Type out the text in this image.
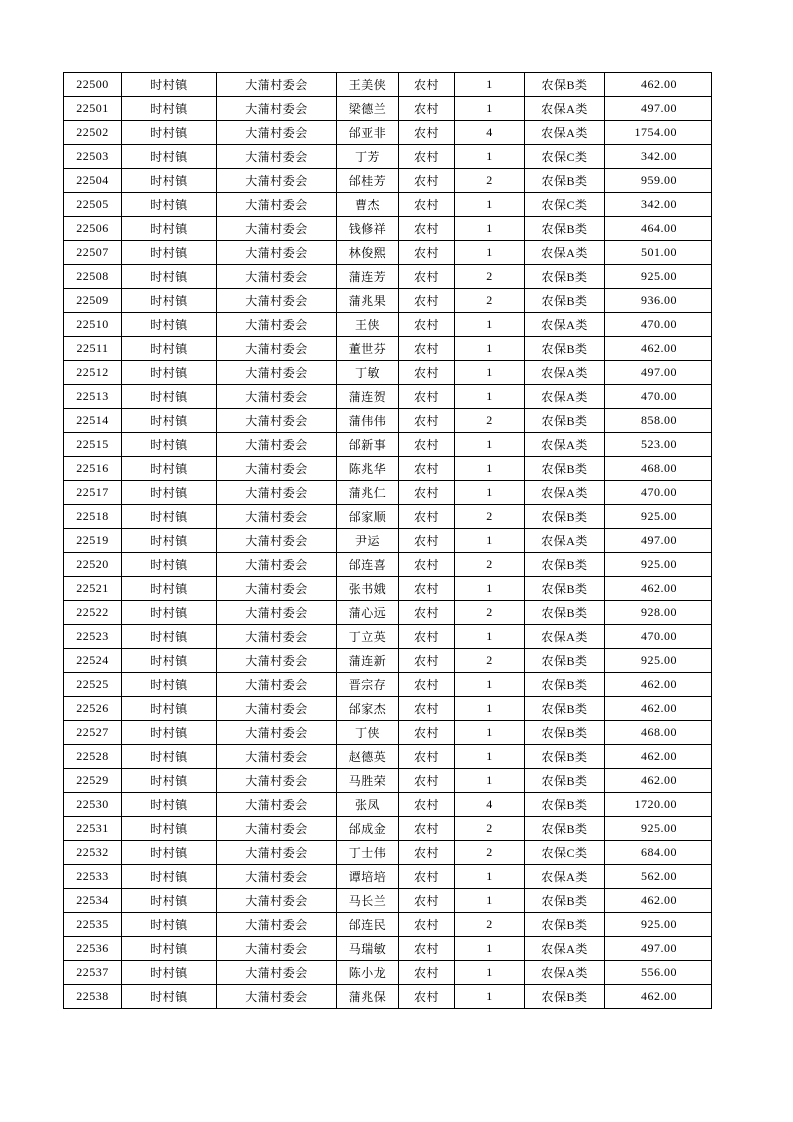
22500	时村镇	大蒲村委会	王美侠	农村	1	农保B类	462.00
22501	时村镇	大蒲村委会	梁德兰	农村	1	农保A类	497.00
22502	时村镇	大蒲村委会	邰亚非	农村	4	农保A类	1754.00
22503	时村镇	大蒲村委会	丁芳	农村	1	农保C类	342.00
22504	时村镇	大蒲村委会	邰桂芳	农村	2	农保B类	959.00
22505	时村镇	大蒲村委会	曹杰	农村	1	农保C类	342.00
22506	时村镇	大蒲村委会	钱修祥	农村	1	农保B类	464.00
22507	时村镇	大蒲村委会	林俊熙	农村	1	农保A类	501.00
22508	时村镇	大蒲村委会	蒲连芳	农村	2	农保B类	925.00
22509	时村镇	大蒲村委会	蒲兆果	农村	2	农保B类	936.00
22510	时村镇	大蒲村委会	王侠	农村	1	农保A类	470.00
22511	时村镇	大蒲村委会	董世芬	农村	1	农保B类	462.00
22512	时村镇	大蒲村委会	丁敏	农村	1	农保A类	497.00
22513	时村镇	大蒲村委会	蒲连贺	农村	1	农保A类	470.00
22514	时村镇	大蒲村委会	蒲伟伟	农村	2	农保B类	858.00
22515	时村镇	大蒲村委会	邰新事	农村	1	农保A类	523.00
22516	时村镇	大蒲村委会	陈兆华	农村	1	农保B类	468.00
22517	时村镇	大蒲村委会	蒲兆仁	农村	1	农保A类	470.00
22518	时村镇	大蒲村委会	邰家顺	农村	2	农保B类	925.00
22519	时村镇	大蒲村委会	尹运	农村	1	农保A类	497.00
22520	时村镇	大蒲村委会	邰连喜	农村	2	农保B类	925.00
22521	时村镇	大蒲村委会	张书娥	农村	1	农保B类	462.00
22522	时村镇	大蒲村委会	蒲心远	农村	2	农保B类	928.00
22523	时村镇	大蒲村委会	丁立英	农村	1	农保A类	470.00
22524	时村镇	大蒲村委会	蒲连新	农村	2	农保B类	925.00
22525	时村镇	大蒲村委会	晋宗存	农村	1	农保B类	462.00
22526	时村镇	大蒲村委会	邰家杰	农村	1	农保B类	462.00
22527	时村镇	大蒲村委会	丁侠	农村	1	农保B类	468.00
22528	时村镇	大蒲村委会	赵德英	农村	1	农保B类	462.00
22529	时村镇	大蒲村委会	马胜荣	农村	1	农保B类	462.00
22530	时村镇	大蒲村委会	张凤	农村	4	农保B类	1720.00
22531	时村镇	大蒲村委会	邰成金	农村	2	农保B类	925.00
22532	时村镇	大蒲村委会	丁士伟	农村	2	农保C类	684.00
22533	时村镇	大蒲村委会	谭培培	农村	1	农保A类	562.00
22534	时村镇	大蒲村委会	马长兰	农村	1	农保B类	462.00
22535	时村镇	大蒲村委会	邰连民	农村	2	农保B类	925.00
22536	时村镇	大蒲村委会	马瑞敏	农村	1	农保A类	497.00
22537	时村镇	大蒲村委会	陈小龙	农村	1	农保A类	556.00
22538	时村镇	大蒲村委会	蒲兆保	农村	1	农保B类	462.00
